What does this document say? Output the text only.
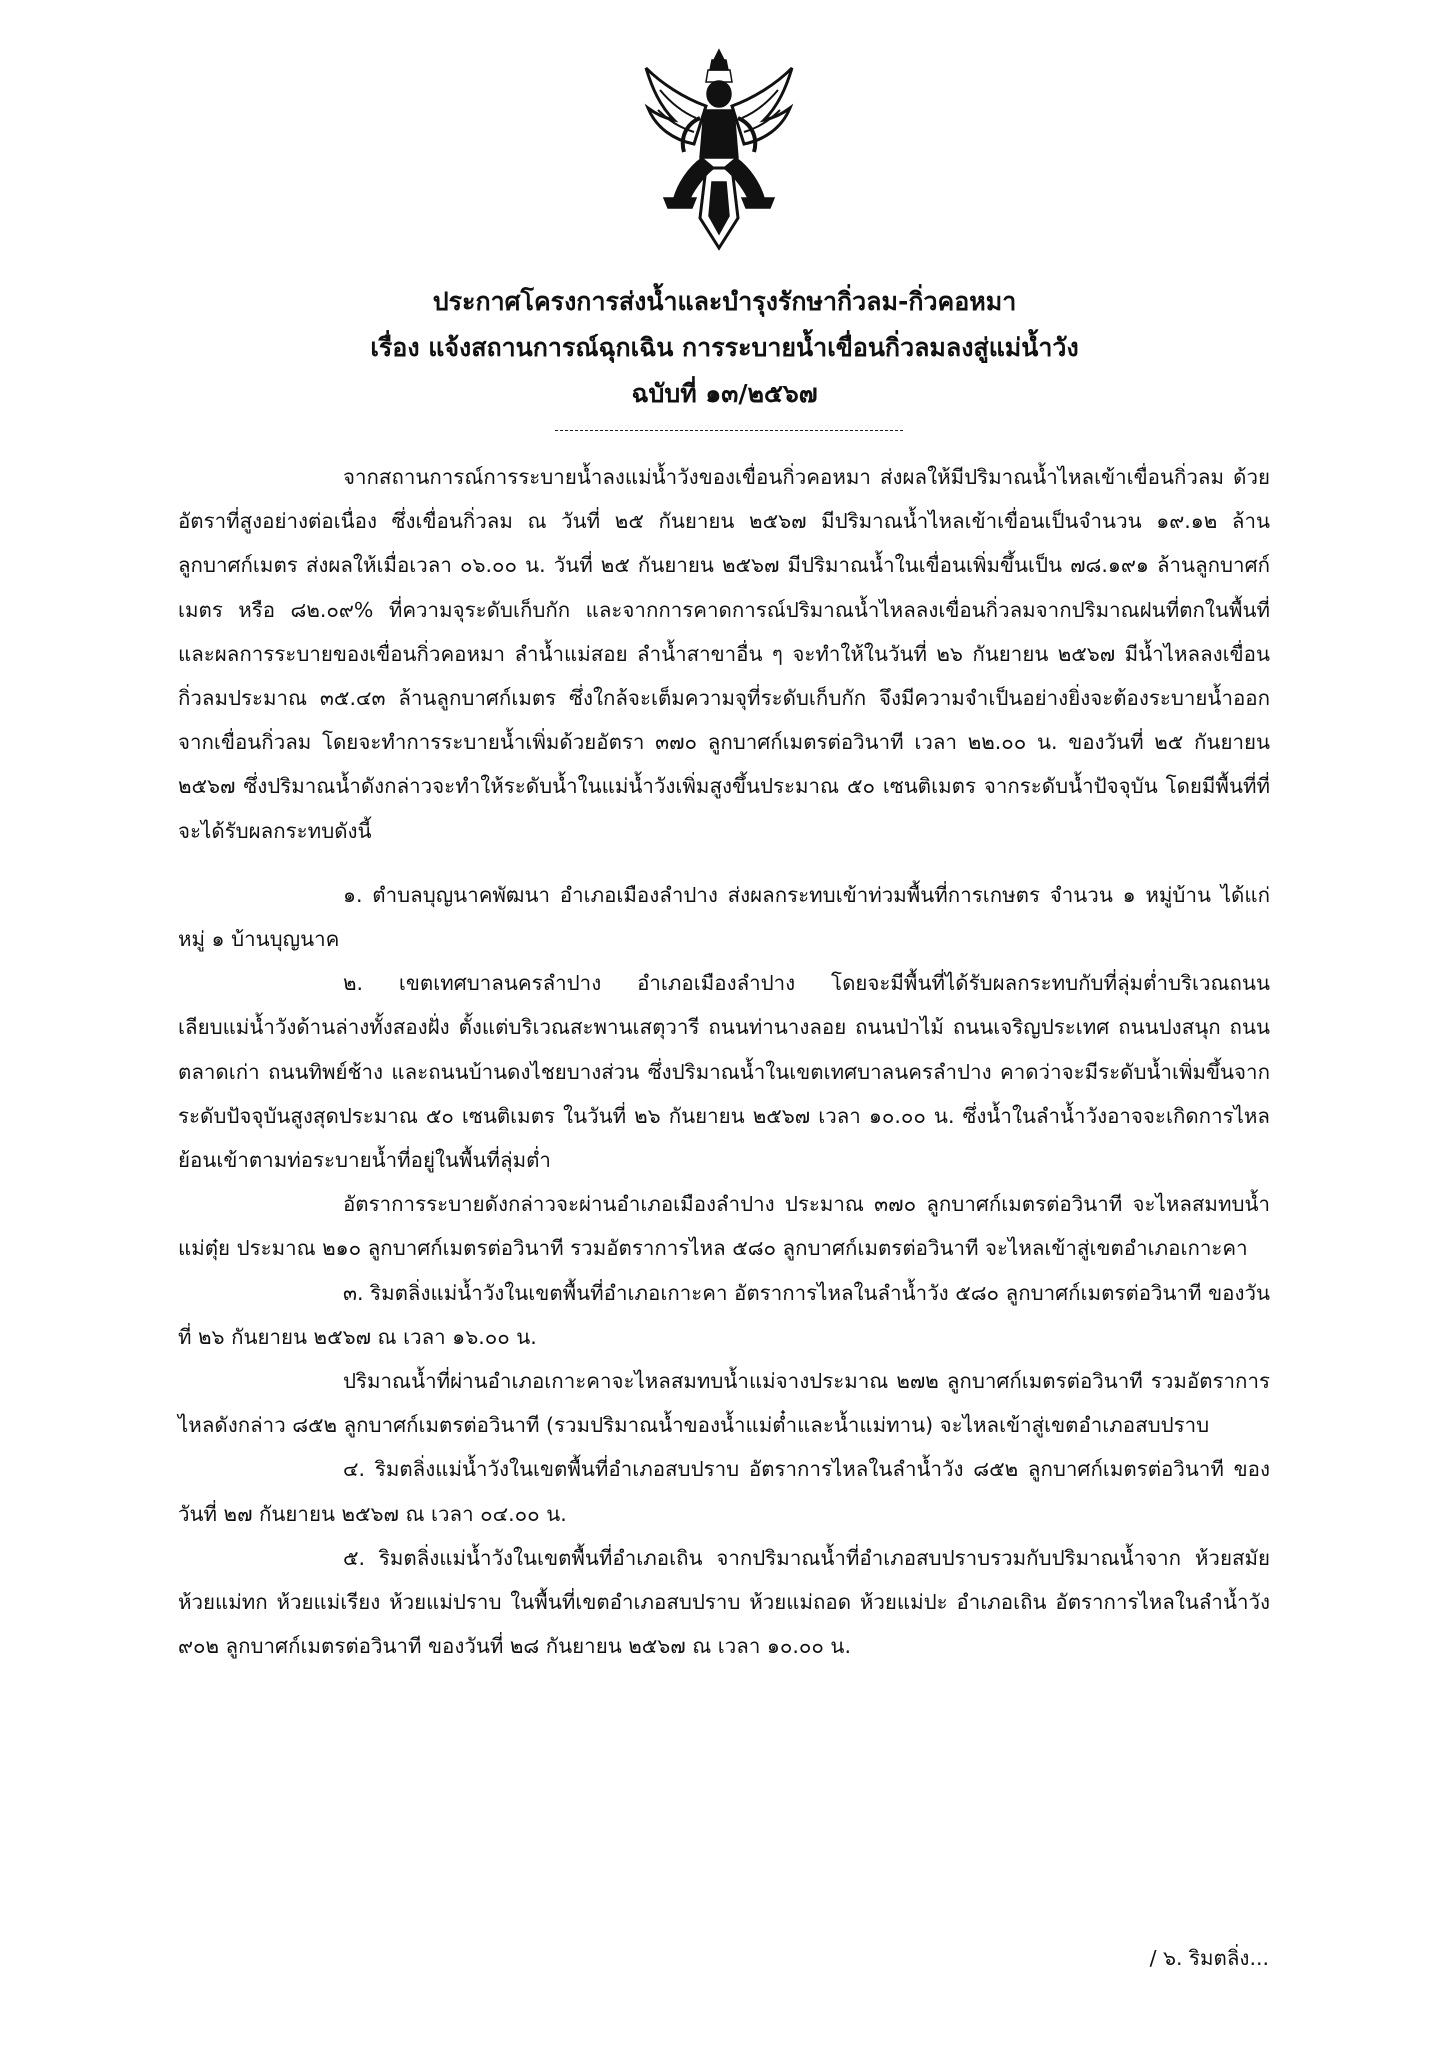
ประกาศโครงการส่งน้ำและบำรุงรักษากิ่วลม-กิ่วคอหมา
เรื่อง แจ้งสถานการณ์ฉุกเฉิน การระบายน้ำเขื่อนกิ่วลมลงสู่แม่น้ำวัง
ฉบับที่ ๑๓/๒๕๖๗

จากสถานการณ์การระบายน้ำลงแม่น้ำวังของเขื่อนกิ่วคอหมา ส่งผลให้มีปริมาณน้ำไหลเข้าเขื่อนกิ่วลม ด้วยอัตราที่สูงอย่างต่อเนื่อง ซึ่งเขื่อนกิ่วลม ณ วันที่ ๒๕ กันยายน ๒๕๖๗ มีปริมาณน้ำไหลเข้าเขื่อนเป็นจำนวน ๑๙.๑๒ ล้านลูกบาศก์เมตร ส่งผลให้เมื่อเวลา ๐๖.๐๐ น. วันที่ ๒๕ กันยายน ๒๕๖๗ มีปริมาณน้ำในเขื่อนเพิ่มขึ้นเป็น ๗๘.๑๙๑ ล้านลูกบาศก์เมตร หรือ ๘๒.๐๙% ที่ความจุระดับเก็บกัก และจากการคาดการณ์ปริมาณน้ำไหลลงเขื่อนกิ่วลมจากปริมาณฝนที่ตกในพื้นที่และผลการระบายของเขื่อนกิ่วคอหมา ลำน้ำแม่สอย ลำน้ำสาขาอื่น ๆ จะทำให้ในวันที่ ๒๖ กันยายน ๒๕๖๗ มีน้ำไหลลงเขื่อนกิ่วลมประมาณ ๓๕.๔๓ ล้านลูกบาศก์เมตร ซึ่งใกล้จะเต็มความจุที่ระดับเก็บกัก จึงมีความจำเป็นอย่างยิ่งจะต้องระบายน้ำออกจากเขื่อนกิ่วลม โดยจะทำการระบายน้ำเพิ่มด้วยอัตรา ๓๗๐ ลูกบาศก์เมตรต่อวินาที เวลา ๒๒.๐๐ น. ของวันที่ ๒๕ กันยายน ๒๕๖๗ ซึ่งปริมาณน้ำดังกล่าวจะทำให้ระดับน้ำในแม่น้ำวังเพิ่มสูงขึ้นประมาณ ๕๐ เซนติเมตร จากระดับน้ำปัจจุบัน โดยมีพื้นที่ที่จะได้รับผลกระทบดังนี้

๑. ตำบลบุญนาคพัฒนา อำเภอเมืองลำปาง ส่งผลกระทบเข้าท่วมพื้นที่การเกษตร จำนวน ๑ หมู่บ้าน ได้แก่ หมู่ ๑ บ้านบุญนาค

๒. เขตเทศบาลนครลำปาง อำเภอเมืองลำปาง โดยจะมีพื้นที่ได้รับผลกระทบกับที่ลุ่มต่ำบริเวณถนนเลียบแม่น้ำวังด้านล่างทั้งสองฝั่ง ตั้งแต่บริเวณสะพานเสตุวารี ถนนท่านางลอย ถนนป่าไม้ ถนนเจริญประเทศ ถนนปงสนุก ถนนตลาดเก่า ถนนทิพย์ช้าง และถนนบ้านดงไชยบางส่วน ซึ่งปริมาณน้ำในเขตเทศบาลนครลำปาง คาดว่าจะมีระดับน้ำเพิ่มขึ้นจากระดับปัจจุบันสูงสุดประมาณ ๕๐ เซนติเมตร ในวันที่ ๒๖ กันยายน ๒๕๖๗ เวลา ๑๐.๐๐ น. ซึ่งน้ำในลำน้ำวังอาจจะเกิดการไหลย้อนเข้าตามท่อระบายน้ำที่อยู่ในพื้นที่ลุ่มต่ำ

อัตราการระบายดังกล่าวจะผ่านอำเภอเมืองลำปาง ประมาณ ๓๗๐ ลูกบาศก์เมตรต่อวินาที จะไหลสมทบน้ำแม่ตุ๋ย ประมาณ ๒๑๐ ลูกบาศก์เมตรต่อวินาที รวมอัตราการไหล ๕๘๐ ลูกบาศก์เมตรต่อวินาที จะไหลเข้าสู่เขตอำเภอเกาะคา

๓. ริมตลิ่งแม่น้ำวังในเขตพื้นที่อำเภอเกาะคา อัตราการไหลในลำน้ำวัง ๕๘๐ ลูกบาศก์เมตรต่อวินาที ของวันที่ ๒๖ กันยายน ๒๕๖๗ ณ เวลา ๑๖.๐๐ น.

ปริมาณน้ำที่ผ่านอำเภอเกาะคาจะไหลสมทบน้ำแม่จางประมาณ ๒๗๒ ลูกบาศก์เมตรต่อวินาที รวมอัตราการไหลดังกล่าว ๘๕๒ ลูกบาศก์เมตรต่อวินาที (รวมปริมาณน้ำของน้ำแม่ต๋ำและน้ำแม่ทาน) จะไหลเข้าสู่เขตอำเภอสบปราบ

๔. ริมตลิ่งแม่น้ำวังในเขตพื้นที่อำเภอสบปราบ อัตราการไหลในลำน้ำวัง ๘๕๒ ลูกบาศก์เมตรต่อวินาที ของวันที่ ๒๗ กันยายน ๒๕๖๗ ณ เวลา ๐๔.๐๐ น.

๕. ริมตลิ่งแม่น้ำวังในเขตพื้นที่อำเภอเถิน จากปริมาณน้ำที่อำเภอสบปราบรวมกับปริมาณน้ำจาก ห้วยสมัย ห้วยแม่ทก ห้วยแม่เรียง ห้วยแม่ปราบ ในพื้นที่เขตอำเภอสบปราบ ห้วยแม่ถอด ห้วยแม่ปะ อำเภอเถิน อัตราการไหลในลำน้ำวัง ๙๐๒ ลูกบาศก์เมตรต่อวินาที ของวันที่ ๒๘ กันยายน ๒๕๖๗ ณ เวลา ๑๐.๐๐ น.

/ ๖. ริมตลิ่ง...
